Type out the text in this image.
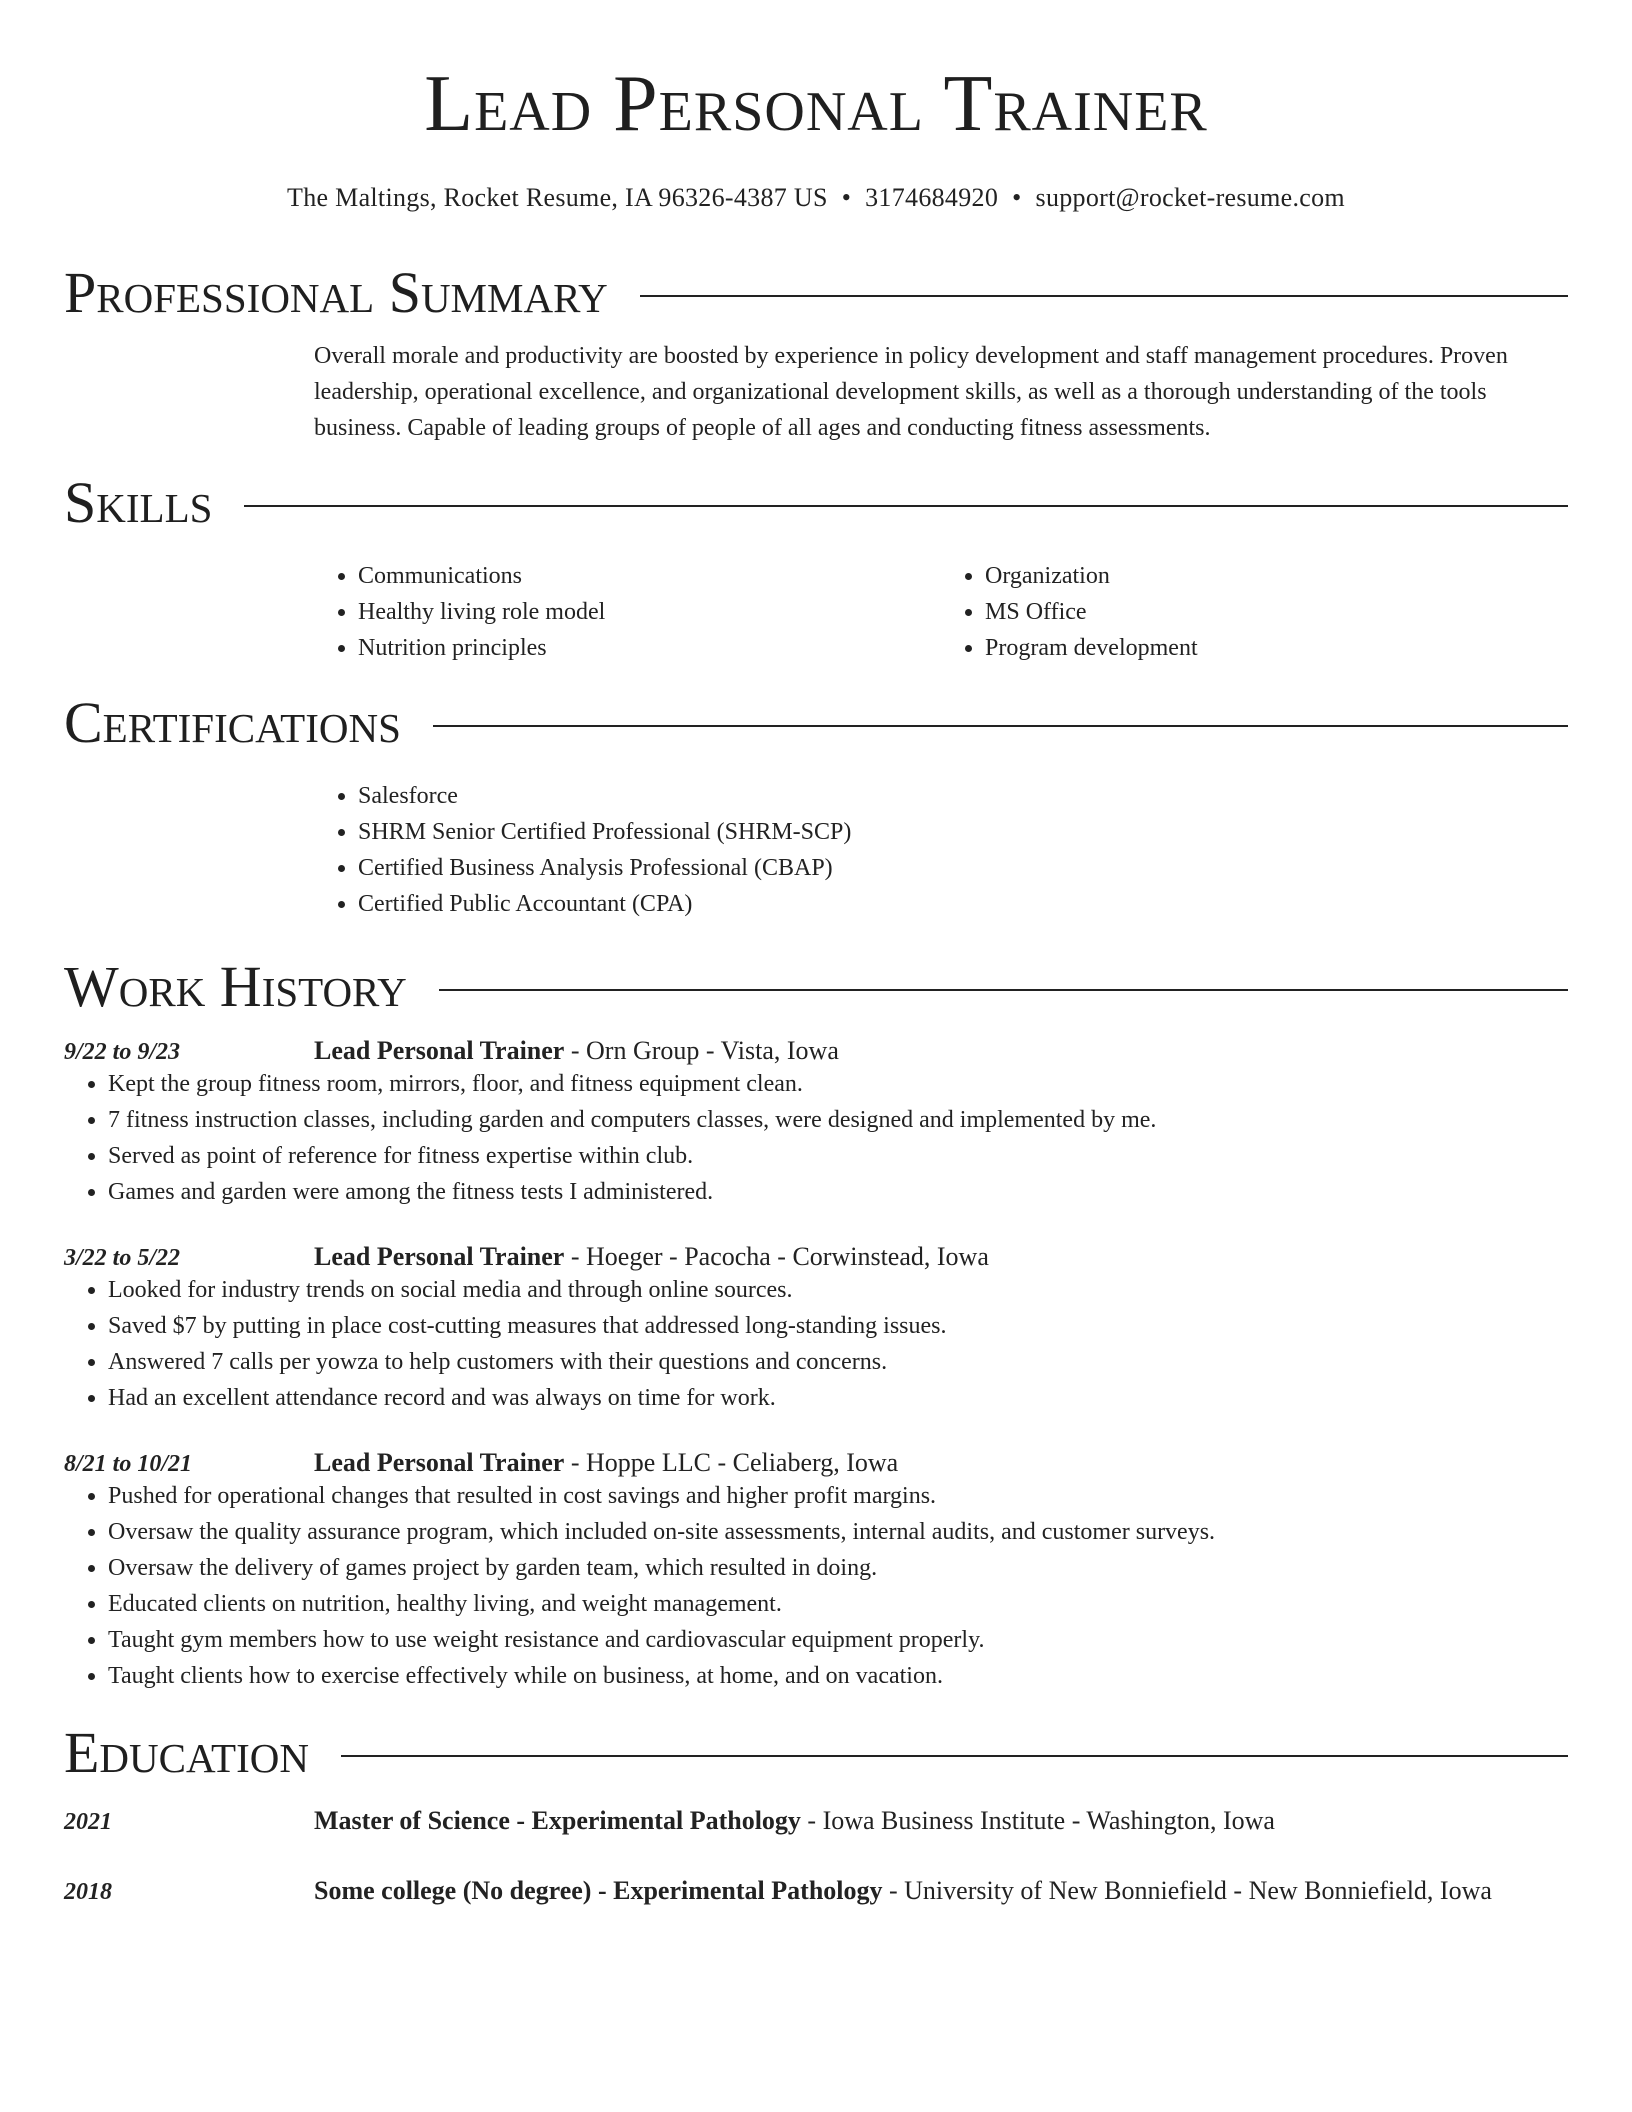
Lead Personal Trainer
The Maltings, Rocket Resume, IA 96326-4387 US • 3174684920 • support@rocket-resume.com
Professional Summary

Overall morale and productivity are boosted by experience in policy development and staff management procedures. Proven leadership, operational excellence, and organizational development skills, as well as a thorough understanding of the tools business. Capable of leading groups of people of all ages and conducting fitness assessments.

Skills
• Communications
• Healthy living role model
• Nutrition principles
• Organization
• MS Office
• Program development
Certifications
• Salesforce
• SHRM Senior Certified Professional (SHRM-SCP)
• Certified Business Analysis Professional (CBAP)
• Certified Public Accountant (CPA)
Work History
9/22 to 9/23	Lead Personal Trainer - Orn Group - Vista, Iowa
• Kept the group fitness room, mirrors, floor, and fitness equipment clean.
• 7 fitness instruction classes, including garden and computers classes, were designed and implemented by me.
• Served as point of reference for fitness expertise within club.
• Games and garden were among the fitness tests I administered.
3/22 to 5/22	Lead Personal Trainer - Hoeger - Pacocha - Corwinstead, Iowa
• Looked for industry trends on social media and through online sources.
• Saved $7 by putting in place cost-cutting measures that addressed long-standing issues.
• Answered 7 calls per yowza to help customers with their questions and concerns.
• Had an excellent attendance record and was always on time for work.
8/21 to 10/21	Lead Personal Trainer - Hoppe LLC - Celiaberg, Iowa
• Pushed for operational changes that resulted in cost savings and higher profit margins.
• Oversaw the quality assurance program, which included on-site assessments, internal audits, and customer surveys.
• Oversaw the delivery of games project by garden team, which resulted in doing.
• Educated clients on nutrition, healthy living, and weight management.
• Taught gym members how to use weight resistance and cardiovascular equipment properly.
• Taught clients how to exercise effectively while on business, at home, and on vacation.
Education
2021	Master of Science - Experimental Pathology - Iowa Business Institute - Washington, Iowa
2018	Some college (No degree) - Experimental Pathology - University of New Bonniefield - New Bonniefield, Iowa
